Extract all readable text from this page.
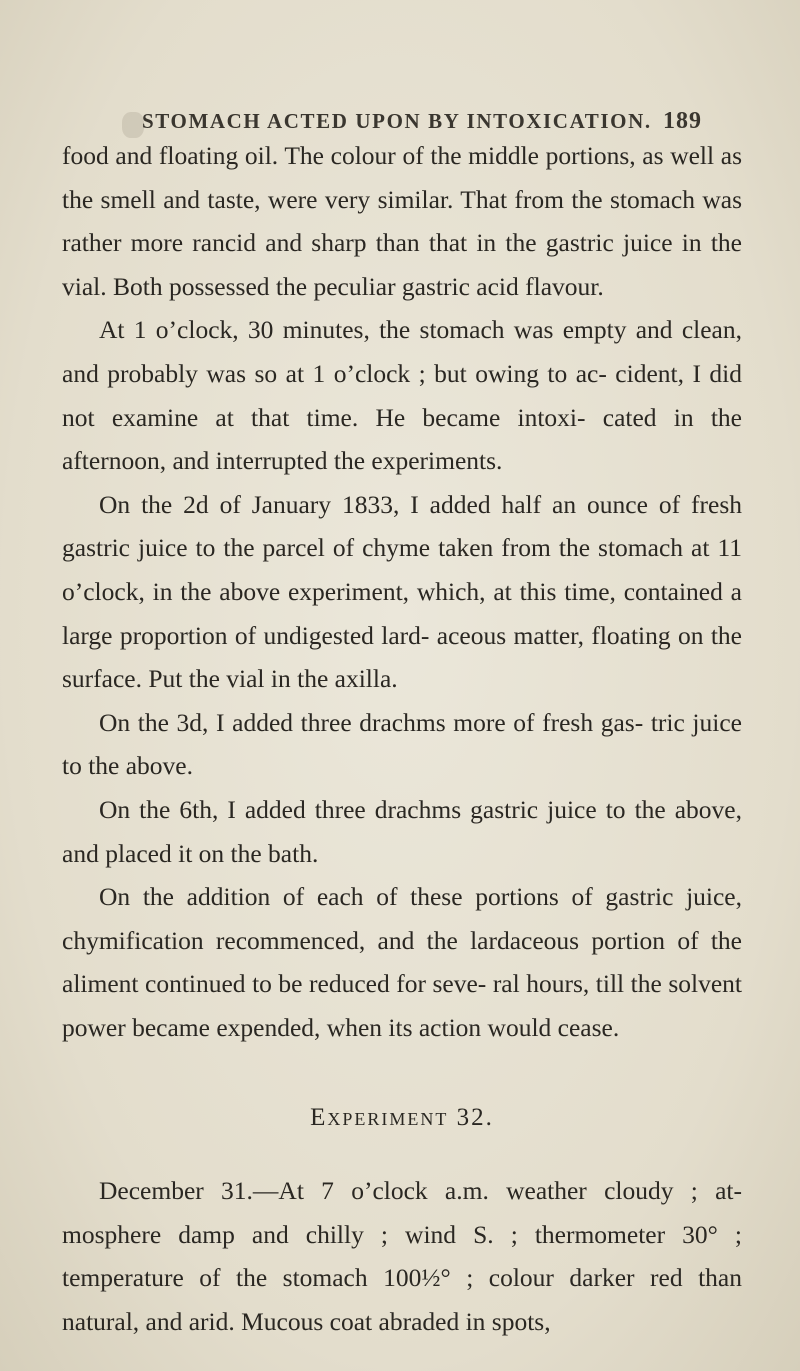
STOMACH ACTED UPON BY INTOXICATION. 189

food and floating oil. The colour of the middle portions, as well as the smell and taste, were very similar. That from the stomach was rather more rancid and sharp than that in the gastric juice in the vial. Both possessed the peculiar gastric acid flavour.

At 1 o’clock, 30 minutes, the stomach was empty and clean, and probably was so at 1 o’clock ; but owing to ac- cident, I did not examine at that time. He became intoxi- cated in the afternoon, and interrupted the experiments.

On the 2d of January 1833, I added half an ounce of fresh gastric juice to the parcel of chyme taken from the stomach at 11 o’clock, in the above experiment, which, at this time, contained a large proportion of undigested lard- aceous matter, floating on the surface. Put the vial in the axilla.

On the 3d, I added three drachms more of fresh gas- tric juice to the above.

On the 6th, I added three drachms gastric juice to the above, and placed it on the bath.

On the addition of each of these portions of gastric juice, chymification recommenced, and the lardaceous portion of the aliment continued to be reduced for seve- ral hours, till the solvent power became expended, when its action would cease.

Experiment 32.

December 31.—At 7 o’clock a.m. weather cloudy ; at- mosphere damp and chilly ; wind S. ; thermometer 30° ; temperature of the stomach 100½° ; colour darker red than natural, and arid. Mucous coat abraded in spots,
